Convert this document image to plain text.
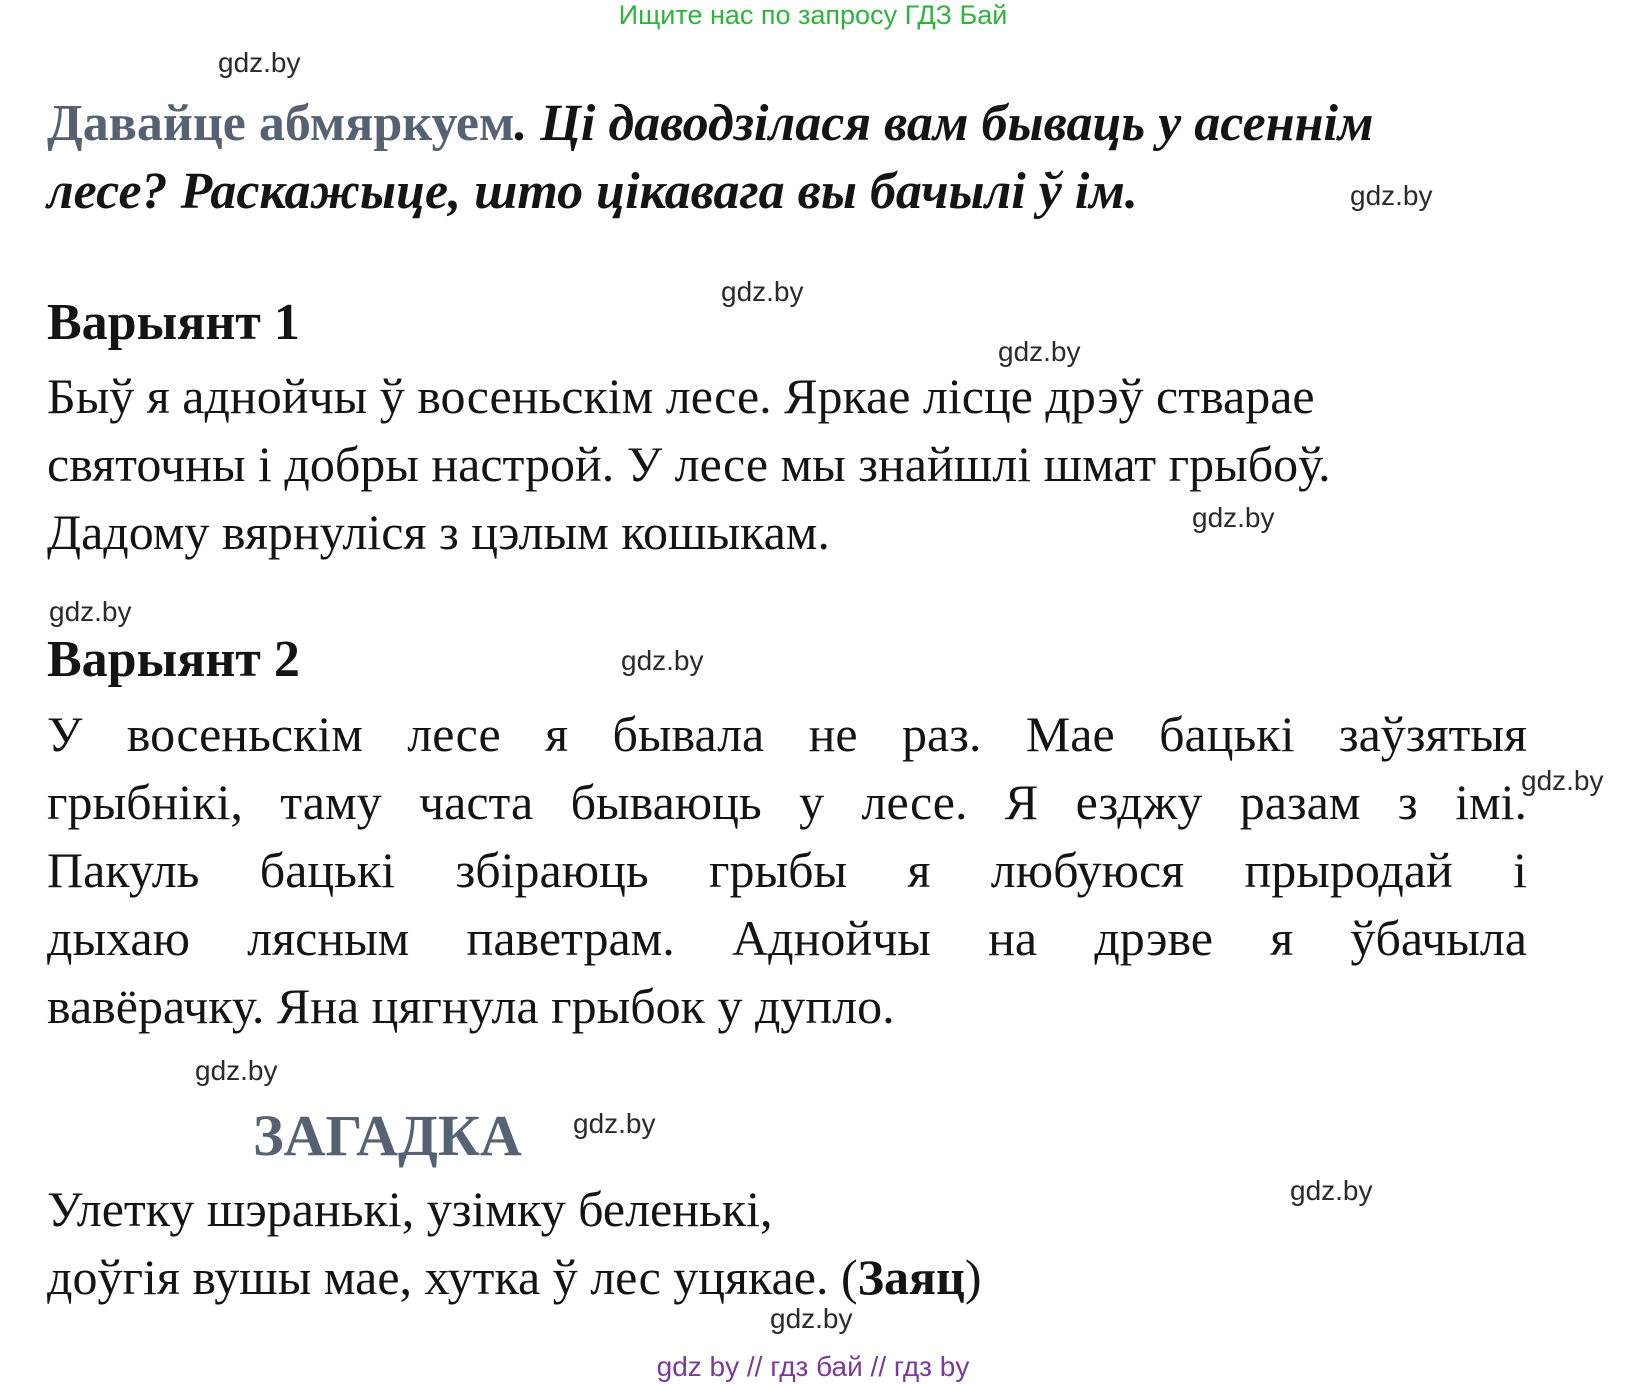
Ищите нас по запросу ГДЗ Бай
gdz.by
gdz.by
gdz.by
gdz.by
gdz.by
gdz.by
gdz.by
gdz.by
gdz.by
gdz.by
gdz.by
gdz.by
Давайце абмяркуем. Ці даводзілася вам бываць у асеннім
лесе? Раскажыце, што цікавага вы бачылі ў ім.
Варыянт 1
Быў я аднойчы ў восеньскім лесе. Яркае лісце дрэў стварае
святочны і добры настрой. У лесе мы знайшлі шмат грыбоў.
Дадому вярнуліся з цэлым кошыкам.
Варыянт 2
У восеньскім лесе я бывала не раз. Мае бацькі заўзятыя
грыбнікі, таму часта бываюць у лесе. Я езджу разам з імі.
Пакуль бацькі збіраюць грыбы я любуюся прыродай і
дыхаю лясным паветрам. Аднойчы на дрэве я ўбачыла
вавёрачку. Яна цягнула грыбок у дупло.
ЗАГАДКА
Улетку шэранькі, узімку беленькі,
доўгія вушы мае, хутка ў лес уцякае. (Заяц)
gdz by // гдз бай // гдз by
